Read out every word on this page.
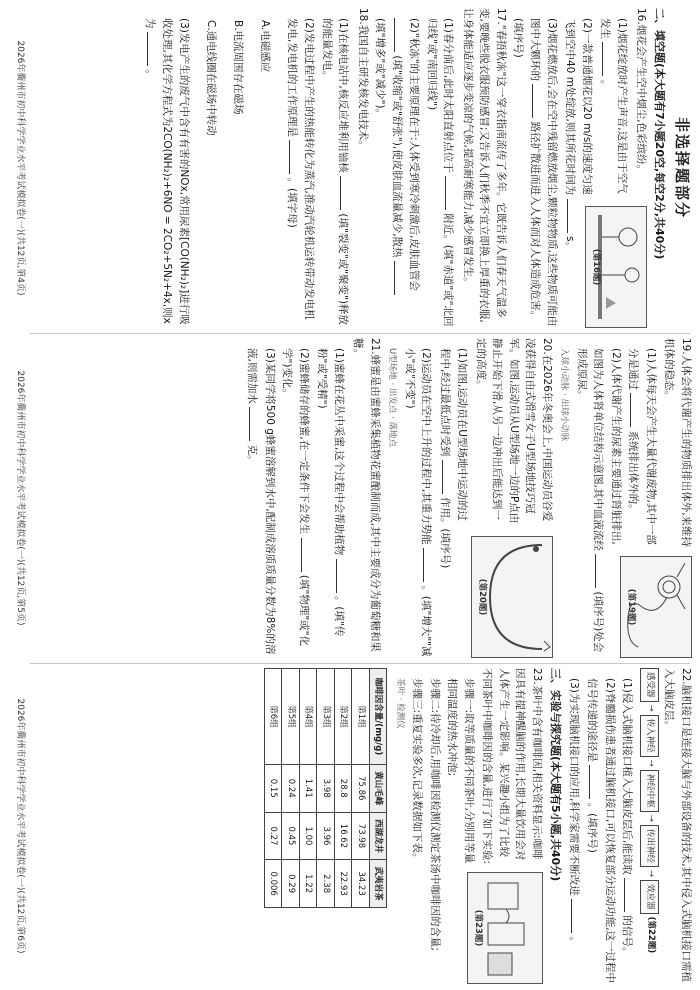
非选择题部分
二、填空题(本大题有7小题20空,每空2分,共40分)
(第16题)

16.烟花会产生空中烟尘,色彩缤纷。

(1)烟花绽放时产生声音,这是由于空气发生  。

(2)一款普通烟花以20 m/s的速度匀速飞到空中40 m处绽放,则其所花时间为  s。

(3)烟花燃放后,会在空中残留燃放烟尘,颗粒物物质,这些物质可能由图中大颗环的  路径扩散进而进入人体而对人体造成危害。(填序号)

17."春捂秋冻"这一穿衣指南流传了多年。它既告诉人们春天气温多变,要晚些脱衣服预防感冒;又告诉人们秋季不宜立即换上厚重的衣服,让身体能适应逐步变凉的气候,提高耐寒能力,减少感冒发生。

(1)春分前后,此时太阳直射点位于  附近。(填"赤道"或"北回归线"或"南回归线")

(2)"秋冻"的主要原理在于:人体受到寒冷刺激后,皮肤血管会  (填"收缩"或"舒张"),使皮肤血流量减少,散热  (填"增多"或"减少")。

18.我国自主研发核发电技术。

(1)在核电站中,核反应堆利用铀核  (填"裂变"或"聚变")释放的能量发电。

(2)发电过程中产生的热能转化为蒸汽,推动汽轮机运转带动发电机发电,发电机的工作原理是  。(填字母)

A.电磁感应

B.电流周围存在磁场

C.通电线圈在磁场中转动

(3)发电产生的废气中含有有害的NOx,常用尿素[CO(NH₂)₂]进行吸收处理,其化学方程式为2CO(NH₂)₂+6NO = 2CO₂+5N₂+4x,则x为  。

2026年衢州市初中科学学业水平考试模拟卷(一)(共12页,第4页)
(第19题)

19.人体会将代谢产生的物质排出体外,来维持机体的稳态。

(1)人体每天会产生大量代谢废物,其中一部分是通过  系统排出体外的。

(2)人体代谢产生的尿素主要通过肾脏排出,如图为人体肾单位结构示意图,其中血液流经  (填序号)处会形成原尿。

入球小动脉 · 出球小动脉

(第20题)

20.在2026年冬奥会上,中国运动员谷爱凌获得自由式滑雪女子U型场地技巧冠军。如图,运动员从U型场地一边的P点由静止开始下滑,从另一边冲出后能达到一定的高度。

(1)如图,运动员在U型场地中运动的过程中,经过最低点时受到  作用。(填序号)

(2)运动员在空中上升的过程中,其重力势能  。(填"增大""减小"或"不变")

U型场地 · 出发点 · 落地点

21.蜂蜜是由蜜蜂采集植物花蜜酿制而成,其中主要成分为葡萄糖和果糖。

(1)蜜蜂在花丛中采蜜,这个过程中会帮助植物  。(填"传粉"或"受精")

(2)蜜蜂储存的蜂蜜,在一定条件下会发生  (填"物理"或"化学")变化。

(3)某同学将500 g蜂蜜溶解到水中,配制成溶质质量分数为8%的溶液,则需加水  克。

2026年衢州市初中科学学业水平考试模拟卷(一)(共12页,第5页)

22.脑机接口是连接大脑与外部设备的技术,其中侵入式脑机接口需植入大脑皮层。

感受器
→
传入神经
→
神经中枢
→
传出神经
→
效应器
(第22题)

(1)侵入式脑机接口植入大脑皮层后,能读取  的信号。

(2)脊髓损伤患者通过脑机接口,可以恢复部分运动功能,这一过程中信号传递的途径是  。(填序号)

(3)为实现脑机接口的应用,科学家需要不断改进  。

三、实验与探究题(本大题有5小题,共40分)
(第23题)

23.茶叶中含有咖啡因,相关资料显示:咖啡因具有提神醒脑的作用,长期大量饮用会对人体产生一定影响。某兴趣小组为了比较不同茶叶中咖啡因的含量,进行了如下实验:

步骤一:取等质量的不同茶叶,分别用等量相同温度的热水冲泡;

步骤二:待冷却后,用咖啡因检测仪测定茶汤中咖啡因的含量;

步骤三:重复实验多次,记录数据如下表。

茶叶 · 检测仪

咖啡因含量/(mg/g)	黄山毛峰	西湖龙井	武夷岩茶
第1组	75.86	73.98	34.23
第2组	28.8	16.62	22.93
第3组	3.98	3.96	2.38
第4组	1.41	1.00	1.22
第5组	0.24	0.45	0.29
第6组	0.15	0.27	0.006
2026年衢州市初中科学学业水平考试模拟卷(一)(共12页,第6页)
